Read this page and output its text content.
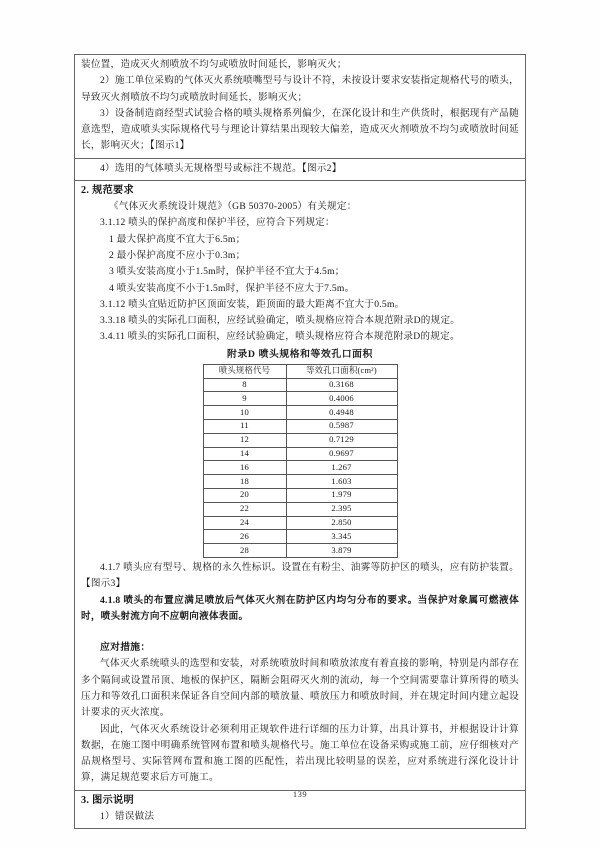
装位置，造成灭火剂喷放不均匀或喷放时间延长，影响灭火；

2）施工单位采购的气体灭火系统喷嘴型号与设计不符，未按设计要求安装指定规格代号的喷头，导致灭火剂喷放不均匀或喷放时间延长，影响灭火；

3）设备制造商经型式试验合格的喷头规格系列偏少，在深化设计和生产供货时，根据现有产品随意选型，造成喷头实际规格代号与理论计算结果出现较大偏差，造成灭火剂喷放不均匀或喷放时间延长，影响灭火；【图示1】

4）选用的气体喷头无规格型号或标注不规范。【图示2】

2. 规范要求

《气体灭火系统设计规范》（GB 50370-2005）有关规定：

3.1.12 喷头的保护高度和保护半径，应符合下列规定：

1 最大保护高度不宜大于6.5m；

2 最小保护高度不应小于0.3m；

3 喷头安装高度小于1.5m时，保护半径不宜大于4.5m；

4 喷头安装高度不小于1.5m时，保护半径不应大于7.5m。

3.1.12 喷头宜贴近防护区顶面安装，距顶面的最大距离不宜大于0.5m。

3.3.18 喷头的实际孔口面积，应经试验确定，喷头规格应符合本规范附录D的规定。

3.4.11 喷头的实际孔口面积，应经试验确定，喷头规格应符合本规范附录D的规定。

附录D 喷头规格和等效孔口面积
喷头规格代号	等效孔口面积(cm²)
8	0.3168
9	0.4006
10	0.4948
11	0.5987
12	0.7129
14	0.9697
16	1.267
18	1.603
20	1.979
22	2.395
24	2.850
26	3.345
28	3.879

4.1.7 喷头应有型号、规格的永久性标识。设置在有粉尘、油雾等防护区的喷头，应有防护装置。【图示3】

4.1.8 喷头的布置应满足喷放后气体灭火剂在防护区内均匀分布的要求。当保护对象属可燃液体时，喷头射流方向不应朝向液体表面。

应对措施：

气体灭火系统喷头的选型和安装，对系统喷放时间和喷放浓度有着直接的影响，特别是内部存在多个隔间或设置吊顶、地板的保护区，隔断会阻碍灭火剂的流动，每一个空间需要靠计算所得的喷头压力和等效孔口面积来保证各自空间内部的喷放量、喷放压力和喷放时间，并在规定时间内建立起设计要求的灭火浓度。

因此，气体灭火系统设计必须利用正规软件进行详细的压力计算，出具计算书，并根据设计计算数据，在施工图中明确系统管网布置和喷头规格代号。施工单位在设备采购或施工前，应仔细核对产品规格型号、实际管网布置和施工图的匹配性，若出现比较明显的误差，应对系统进行深化设计计算，满足规范要求后方可施工。

3. 图示说明

1）错误做法

139
